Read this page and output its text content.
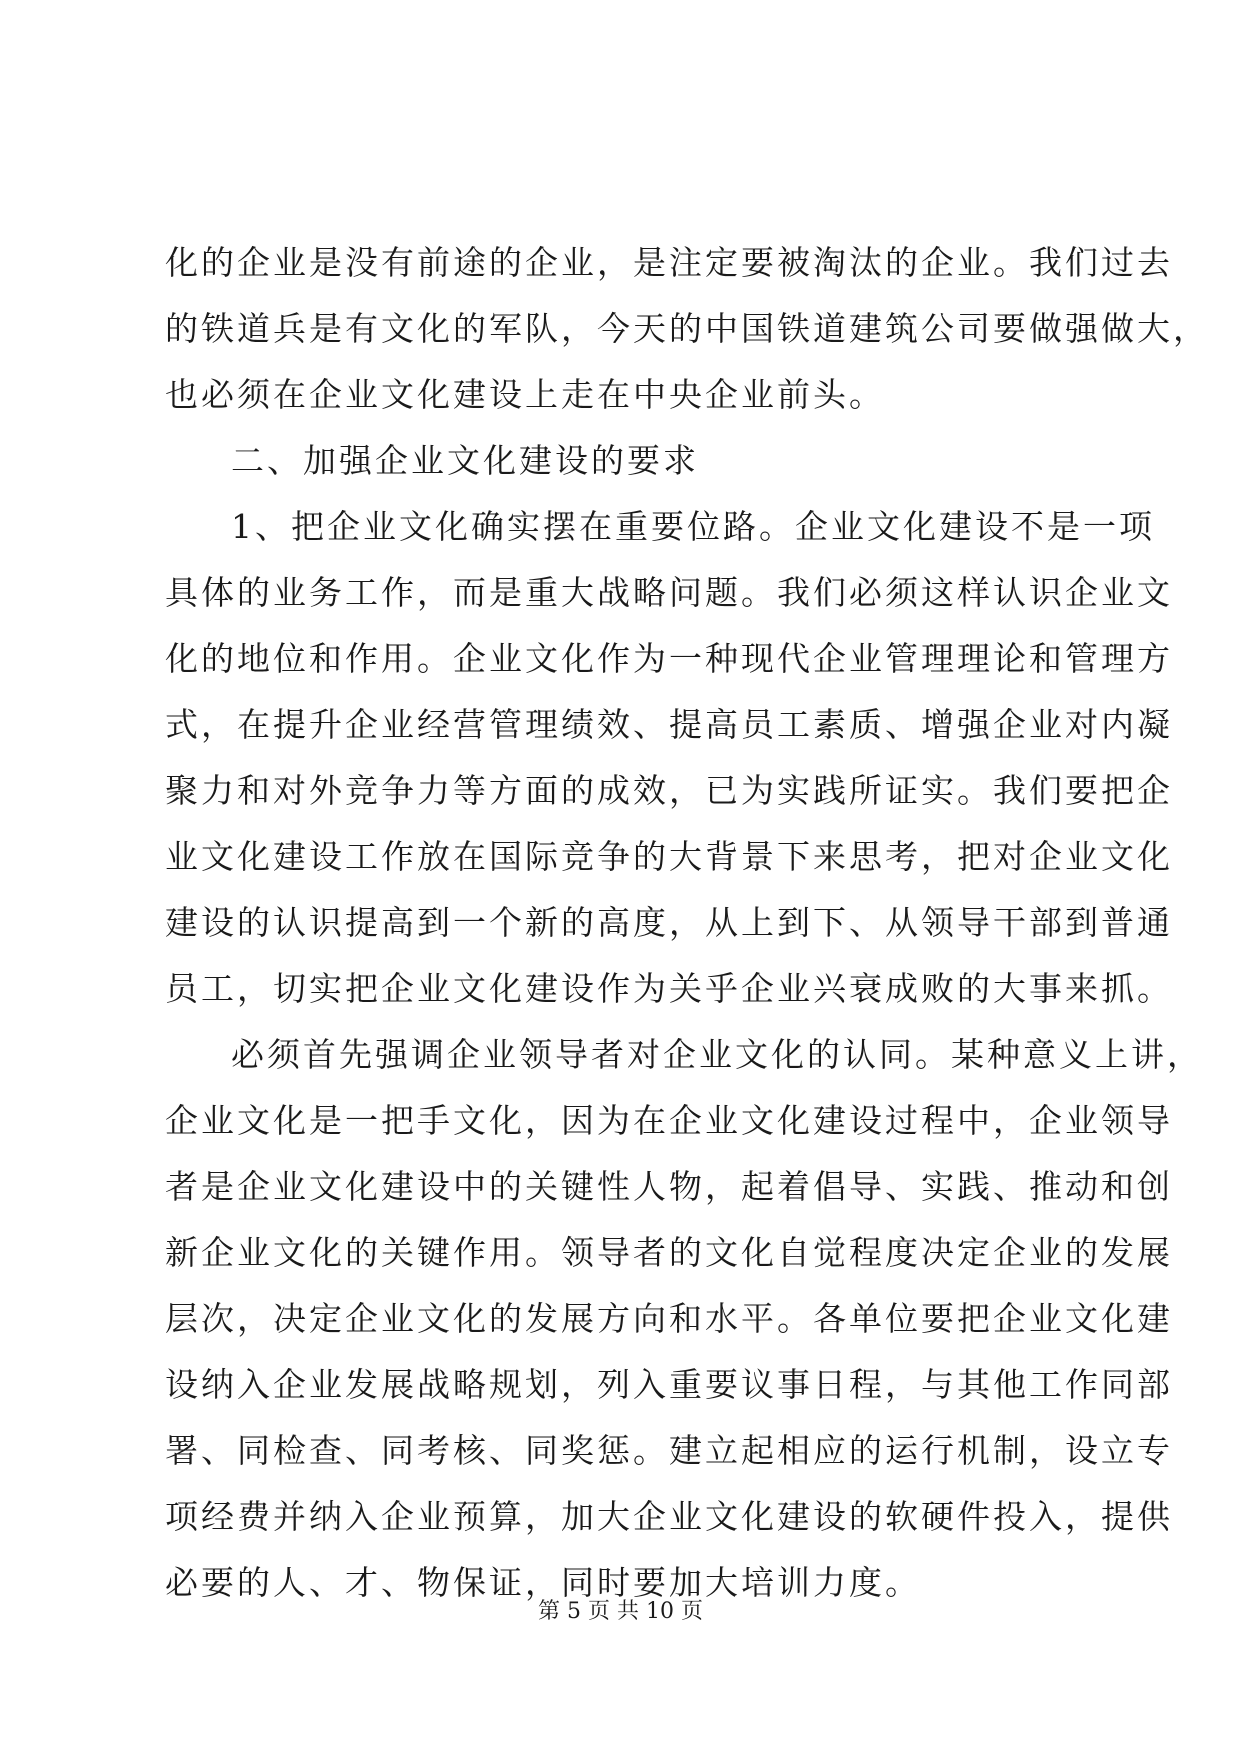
化的企业是没有前途的企业，是注定要被淘汰的企业。我们过去
的铁道兵是有文化的军队，今天的中国铁道建筑公司要做强做大，
也必须在企业文化建设上走在中央企业前头。
二、加强企业文化建设的要求
1、把企业文化确实摆在重要位路。企业文化建设不是一项
具体的业务工作，而是重大战略问题。我们必须这样认识企业文
化的地位和作用。企业文化作为一种现代企业管理理论和管理方
式，在提升企业经营管理绩效、提高员工素质、增强企业对内凝
聚力和对外竞争力等方面的成效，已为实践所证实。我们要把企
业文化建设工作放在国际竞争的大背景下来思考，把对企业文化
建设的认识提高到一个新的高度，从上到下、从领导干部到普通
员工，切实把企业文化建设作为关乎企业兴衰成败的大事来抓。
必须首先强调企业领导者对企业文化的认同。某种意义上讲，
企业文化是一把手文化，因为在企业文化建设过程中，企业领导
者是企业文化建设中的关键性人物，起着倡导、实践、推动和创
新企业文化的关键作用。领导者的文化自觉程度决定企业的发展
层次，决定企业文化的发展方向和水平。各单位要把企业文化建
设纳入企业发展战略规划，列入重要议事日程，与其他工作同部
署、同检查、同考核、同奖惩。建立起相应的运行机制，设立专
项经费并纳入企业预算，加大企业文化建设的软硬件投入，提供
必要的人、才、物保证，同时要加大培训力度。
第 5 页 共 10 页
